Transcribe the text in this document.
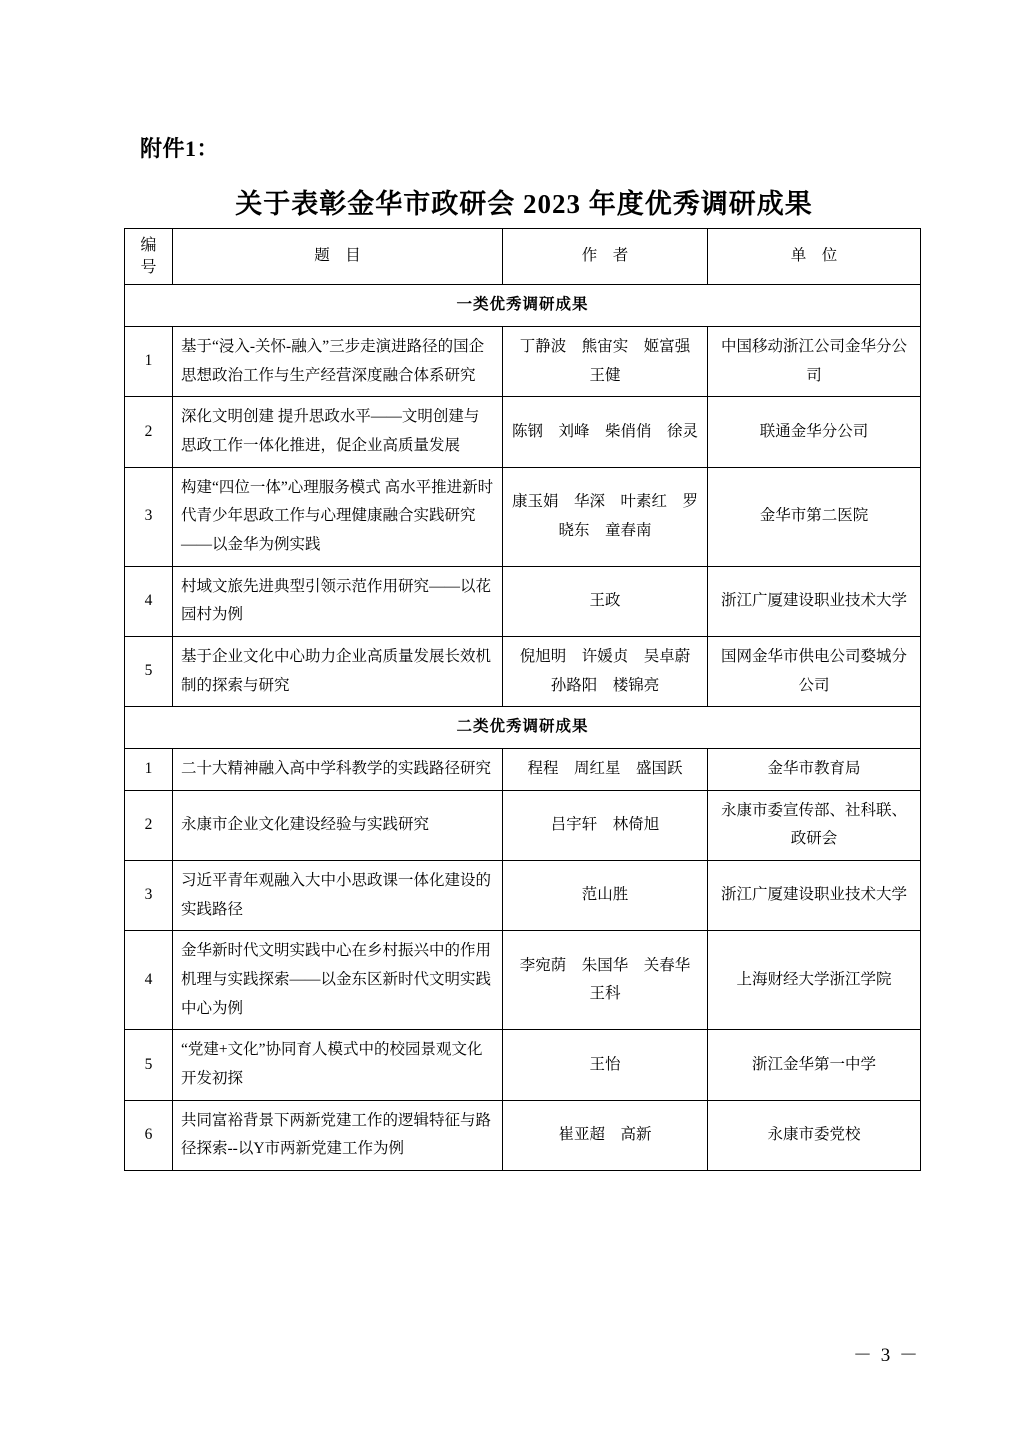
附件1：
关于表彰金华市政研会 2023 年度优秀调研成果
编号	题　目	作　者	单　位
一类优秀调研成果			
1	基于“浸入-关怀-融入”三步走演进路径的国企思想政治工作与生产经营深度融合体系研究	丁静波　熊宙实　姬富强　王健	中国移动浙江公司金华分公司
2	深化文明创建 提升思政水平——文明创建与思政工作一体化推进，促企业高质量发展	陈钢　刘峰　柴俏俏　徐灵	联通金华分公司
3	构建“四位一体”心理服务模式 高水平推进新时代青少年思政工作与心理健康融合实践研究——以金华为例实践	康玉娟　华深　叶素红　罗晓东　童春南	金华市第二医院
4	村域文旅先进典型引领示范作用研究——以花园村为例	王政	浙江广厦建设职业技术大学
5	基于企业文化中心助力企业高质量发展长效机制的探索与研究	倪旭明　许媛贞　吴卓蔚　孙路阳　楼锦亮	国网金华市供电公司婺城分公司
二类优秀调研成果			
1	二十大精神融入高中学科教学的实践路径研究	程程　周红星　盛国跃	金华市教育局
2	永康市企业文化建设经验与实践研究	吕宇轩　林倚旭	永康市委宣传部、社科联、政研会
3	习近平青年观融入大中小思政课一体化建设的实践路径	范山胜	浙江广厦建设职业技术大学
4	金华新时代文明实践中心在乡村振兴中的作用机理与实践探索——以金东区新时代文明实践中心为例	李宛荫　朱国华　关春华　王科	上海财经大学浙江学院
5	“党建+文化”协同育人模式中的校园景观文化开发初探	王怡	浙江金华第一中学
6	共同富裕背景下两新党建工作的逻辑特征与路径探索--以Y市两新党建工作为例	崔亚超　高新	永康市委党校
－ 3 －
